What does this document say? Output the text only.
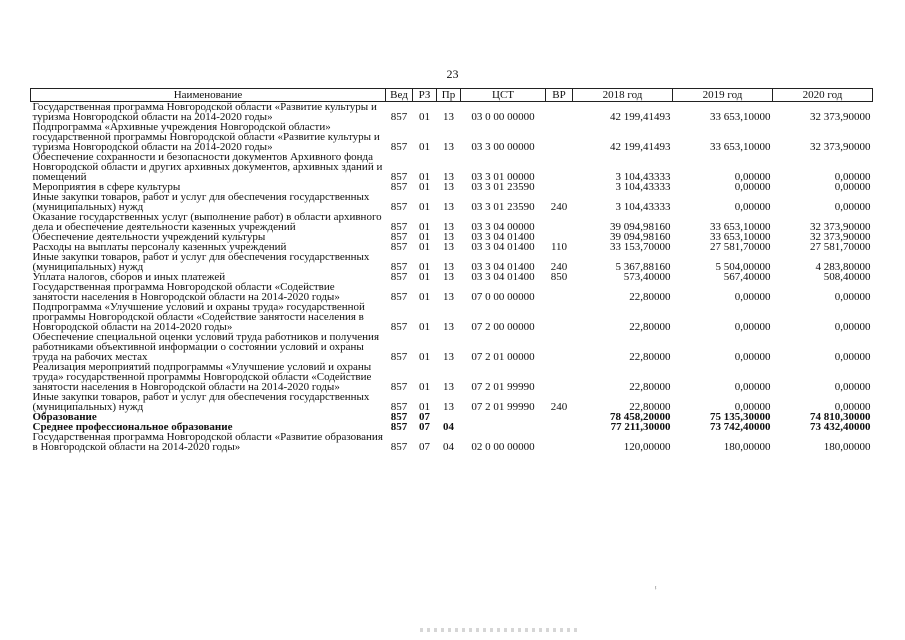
23
Наименование	Вед	РЗ	Пр	ЦСТ	ВР	2018 год	2019 год	2020 год
Государственная программа Новгородской области «Развитие культуры и туризма Новгородской области на 2014-2020 годы»	857	01	13	03 0 00 00000		42 199,41493	33 653,10000	32 373,90000
Подпрограмма «Архивные учреждения Новгородской области» государственной программы Новгородской области «Развитие культуры и туризма Новгородской области на 2014-2020 годы»	857	01	13	03 3 00 00000		42 199,41493	33 653,10000	32 373,90000
Обеспечение сохранности и безопасности документов Архивного фонда Новгородской области и других архивных документов, архивных зданий и помещений	857	01	13	03 3 01 00000		3 104,43333	0,00000	0,00000
Мероприятия в сфере культуры	857	01	13	03 3 01 23590		3 104,43333	0,00000	0,00000
Иные закупки товаров, работ и услуг для обеспечения государственных (муниципальных) нужд	857	01	13	03 3 01 23590	240	3 104,43333	0,00000	0,00000
Оказание государственных услуг (выполнение работ) в области архивного дела и обеспечение деятельности казенных учреждений	857	01	13	03 3 04 00000		39 094,98160	33 653,10000	32 373,90000
Обеспечение деятельности учреждений культуры	857	01	13	03 3 04 01400		39 094,98160	33 653,10000	32 373,90000
Расходы на выплаты персоналу казенных учреждений	857	01	13	03 3 04 01400	110	33 153,70000	27 581,70000	27 581,70000
Иные закупки товаров, работ и услуг для обеспечения государственных (муниципальных) нужд	857	01	13	03 3 04 01400	240	5 367,88160	5 504,00000	4 283,80000
Уплата налогов, сборов и иных платежей	857	01	13	03 3 04 01400	850	573,40000	567,40000	508,40000
Государственная программа Новгородской области «Содействие занятости населения в Новгородской области на 2014-2020 годы»	857	01	13	07 0 00 00000		22,80000	0,00000	0,00000
Подпрограмма «Улучшение условий и охраны труда» государственной программы Новгородской области «Содействие занятости населения в Новгородской области на 2014-2020 годы»	857	01	13	07 2 00 00000		22,80000	0,00000	0,00000
Обеспечение специальной оценки условий труда работников и получения работниками объективной информации о состоянии условий и охраны труда на рабочих местах	857	01	13	07 2 01 00000		22,80000	0,00000	0,00000
Реализация мероприятий подпрограммы «Улучшение условий и охраны труда» государственной программы Новгородской области «Содействие занятости населения в Новгородской области на 2014-2020 годы»	857	01	13	07 2 01 99990		22,80000	0,00000	0,00000
Иные закупки товаров, работ и услуг для обеспечения государственных (муниципальных) нужд	857	01	13	07 2 01 99990	240	22,80000	0,00000	0,00000
Образование	857	07				78 458,20000	75 135,30000	74 810,30000
Среднее профессиональное образование	857	07	04			77 211,30000	73 742,40000	73 432,40000
Государственная программа Новгородской области «Развитие образования в Новгородской области на 2014-2020 годы»	857	07	04	02 0 00 00000		120,00000	180,00000	180,00000
ⸯ
